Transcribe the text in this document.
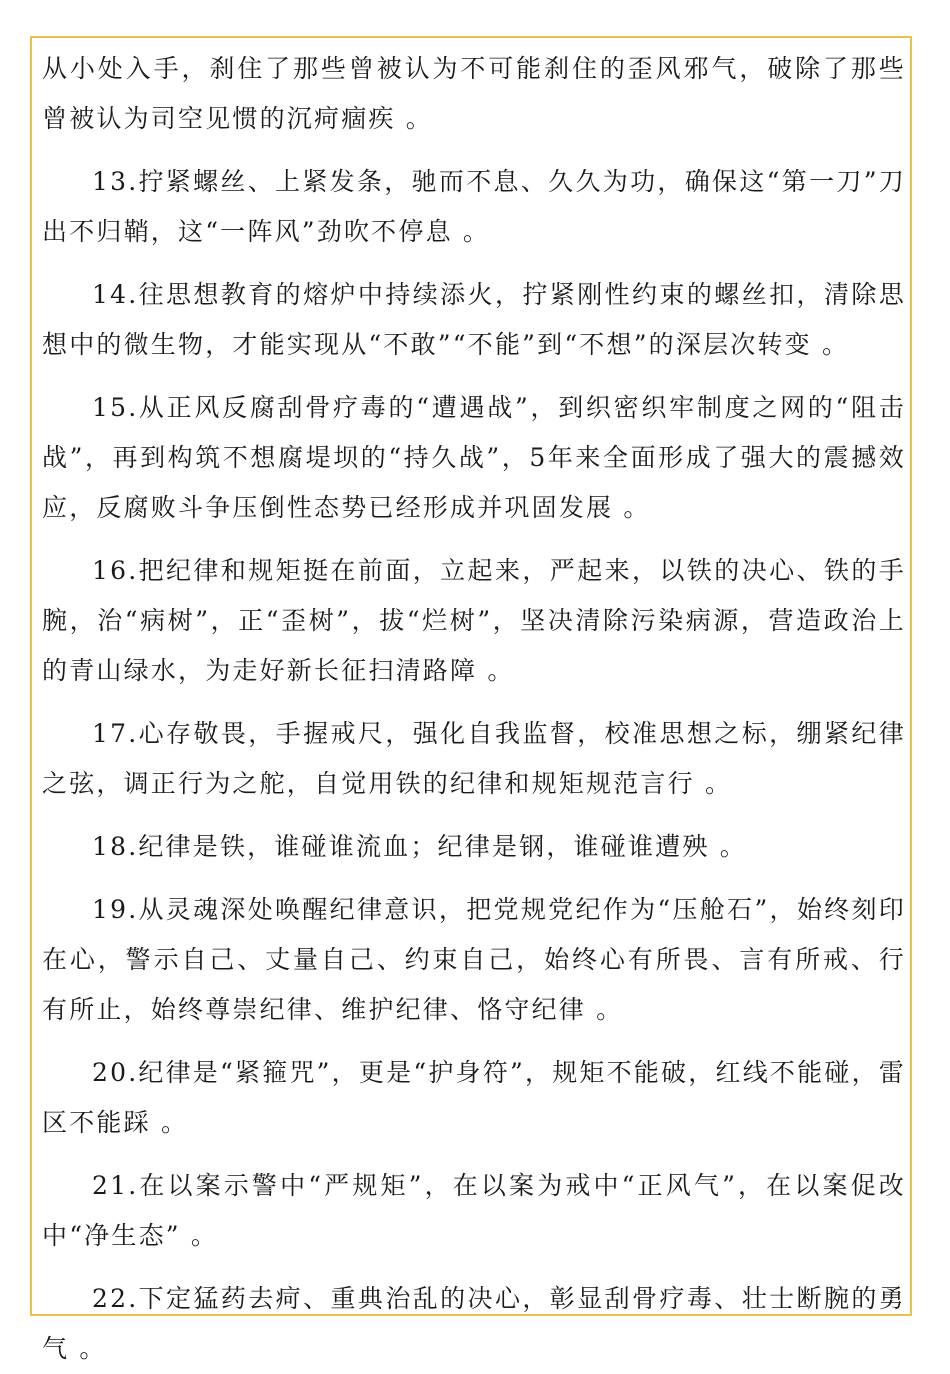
从小处入手，刹住了那些曾被认为不可能刹住的歪风邪气，破除了那些曾被认为司空见惯的沉疴痼疾 。

13.拧紧螺丝、上紧发条，驰而不息、久久为功，确保这“第一刀”刀出不归鞘，这“一阵风”劲吹不停息 。

14.往思想教育的熔炉中持续添火，拧紧刚性约束的螺丝扣，清除思想中的微生物，才能实现从“不敢”“不能”到“不想”的深层次转变 。

15.从正风反腐刮骨疗毒的“遭遇战”，到织密织牢制度之网的“阻击战”，再到构筑不想腐堤坝的“持久战”，5年来全面形成了强大的震撼效应，反腐败斗争压倒性态势已经形成并巩固发展 。

16.把纪律和规矩挺在前面，立起来，严起来，以铁的决心、铁的手腕，治“病树”，正“歪树”，拔“烂树”，坚决清除污染病源，营造政治上的青山绿水，为走好新长征扫清路障 。

17.心存敬畏，手握戒尺，强化自我监督，校准思想之标，绷紧纪律之弦，调正行为之舵，自觉用铁的纪律和规矩规范言行 。

18.纪律是铁，谁碰谁流血；纪律是钢，谁碰谁遭殃 。

19.从灵魂深处唤醒纪律意识，把党规党纪作为“压舱石”，始终刻印在心，警示自己、丈量自己、约束自己，始终心有所畏、言有所戒、行有所止，始终尊崇纪律、维护纪律、恪守纪律 。

20.纪律是“紧箍咒”，更是“护身符”，规矩不能破，红线不能碰，雷区不能踩 。

21.在以案示警中“严规矩”，在以案为戒中“正风气”，在以案促改中“净生态” 。

22.下定猛药去疴、重典治乱的决心，彰显刮骨疗毒、壮士断腕的勇气 。
